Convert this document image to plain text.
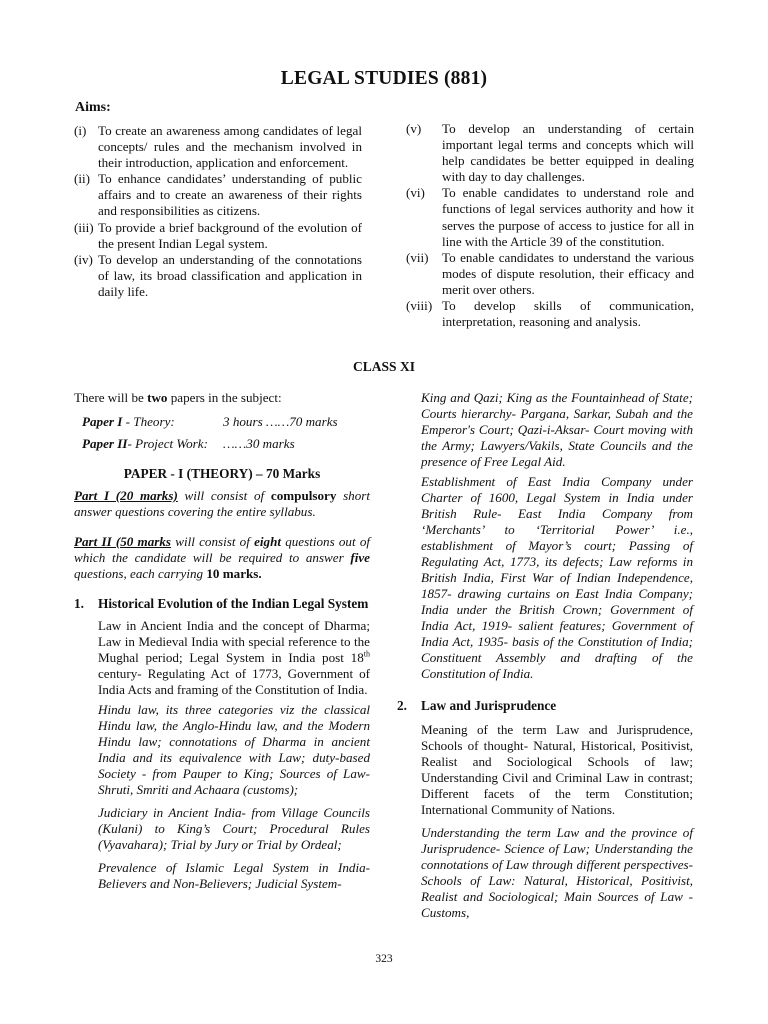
LEGAL STUDIES (881)
Aims:
(i) To create an awareness among candidates of legal concepts/ rules and the mechanism involved in their introduction, application and enforcement.
(ii) To enhance candidates’ understanding of public affairs and to create an awareness of their rights and responsibilities as citizens.
(iii) To provide a brief background of the evolution of the present Indian Legal system.
(iv) To develop an understanding of the connotations of law, its broad classification and application in daily life.
(v)	To develop an understanding of certain important legal terms and concepts which will help candidates be better equipped in dealing with day to day challenges.
(vi)	To enable candidates to understand role and functions of legal services authority and how it serves the purpose of access to justice for all in line with the Article 39 of the constitution.
(vii)	To enable candidates to understand the various modes of dispute resolution, their efficacy and merit over others.
(viii) To develop skills of communication, interpretation, reasoning and analysis.
CLASS XI

There will be two papers in the subject:

Paper I - Theory:	3 hours ……70 marks
Paper II- Project Work:	……30 marks
PAPER - I (THEORY) – 70 Marks

Part I (20 marks) will consist of compulsory short answer questions covering the entire syllabus.

Part II (50 marks will consist of eight questions out of which the candidate will be required to answer five questions, each carrying 10 marks.

1.	Historical Evolution of the Indian Legal System

Law in Ancient India and the concept of Dharma; Law in Medieval India with special reference to the Mughal period; Legal System in India post 18th century- Regulating Act of 1773, Government of India Acts and framing of the Constitution of India.

Hindu law, its three categories viz the classical Hindu law, the Anglo-Hindu law, and the Modern Hindu law; connotations of Dharma in ancient India and its equivalence with Law; duty-based Society - from Pauper to King; Sources of Law- Shruti, Smriti and Achaara (customs);

Judiciary in Ancient India- from Village Councils (Kulani) to King’s Court; Procedural Rules (Vyavahara); Trial by Jury or Trial by Ordeal;

Prevalence of Islamic Legal System in India- Believers and Non-Believers; Judicial System-

King and Qazi; King as the Fountainhead of State; Courts hierarchy- Pargana, Sarkar, Subah and the Emperor's Court; Qazi-i-Aksar- Court moving with the Army; Lawyers/Vakils, State Councils and the presence of Free Legal Aid.

Establishment of East India Company under Charter of 1600, Legal System in India under British Rule- East India Company from ‘Merchants’ to ‘Territorial Power’ i.e., establishment of Mayor’s court; Passing of Regulating Act, 1773, its defects; Law reforms in British India, First War of Indian Independence, 1857- drawing curtains on East India Company; India under the British Crown; Government of India Act, 1919- salient features; Government of India Act, 1935- basis of the Constitution of India; Constituent Assembly and drafting of the Constitution of India.

2.	Law and Jurisprudence

Meaning of the term Law and Jurisprudence, Schools of thought- Natural, Historical, Positivist, Realist and Sociological Schools of law; Understanding Civil and Criminal Law in contrast; Different facets of the term Constitution; International Community of Nations.

Understanding the term Law and the province of Jurisprudence- Science of Law; Understanding the connotations of Law through different perspectives- Schools of Law: Natural, Historical, Positivist, Realist and Sociological; Main Sources of Law - Customs,

323
